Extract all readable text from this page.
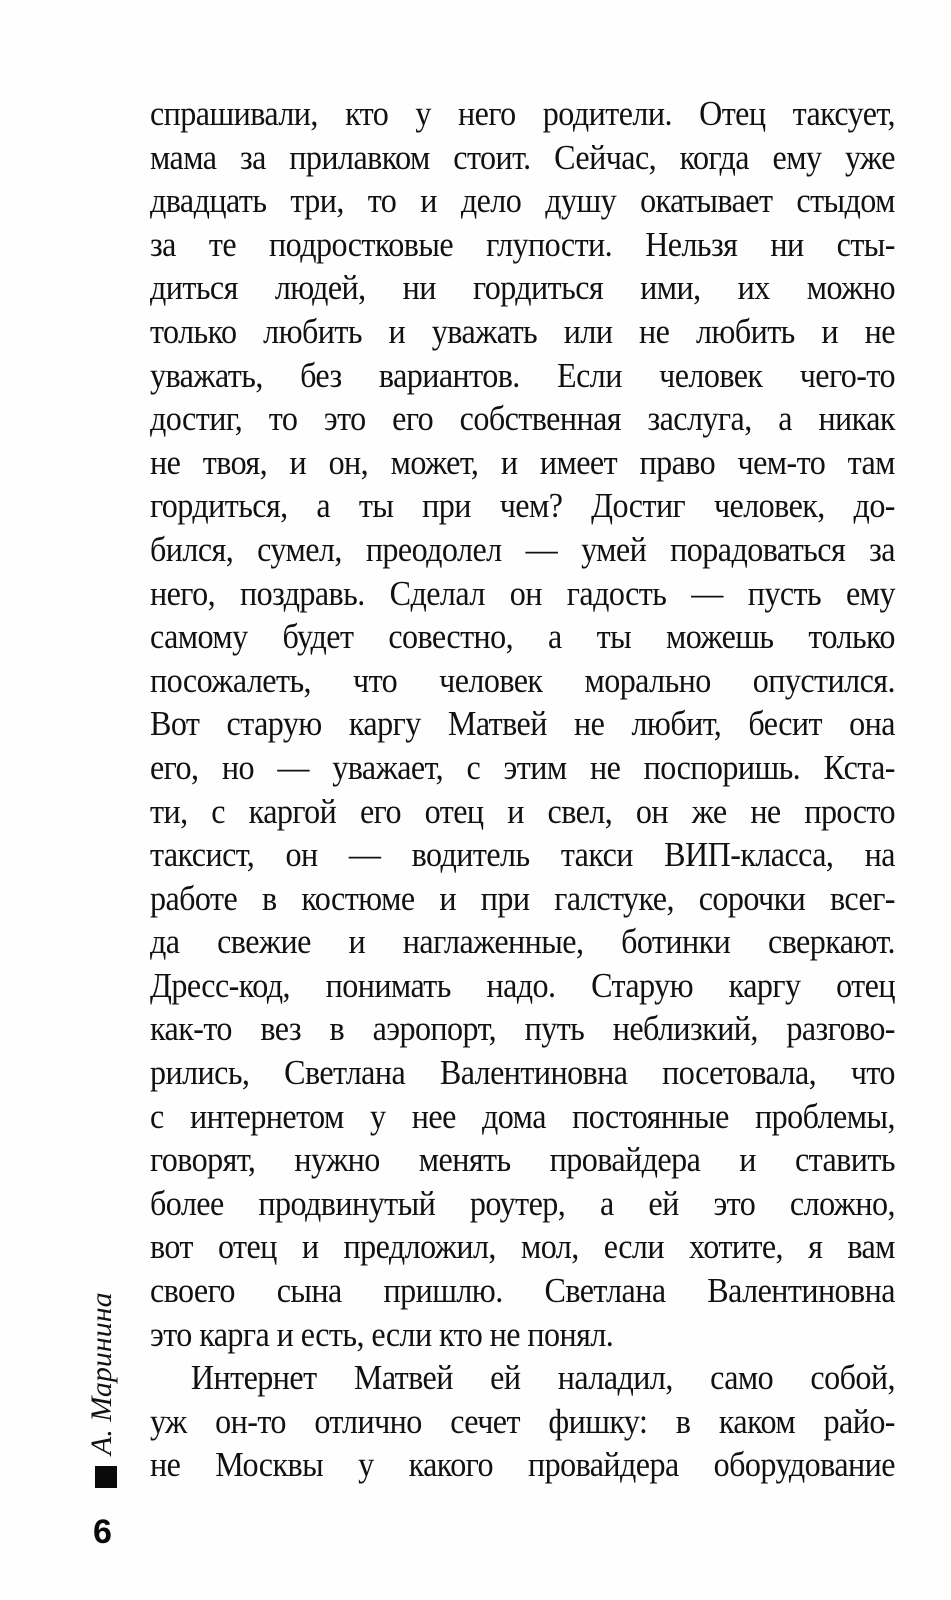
спрашивали, кто у него родители. Отец таксует,
мама за прилавком стоит. Сейчас, когда ему уже
двадцать три, то и дело душу окатывает стыдом
за те подростковые глупости. Нельзя ни сты-
диться людей, ни гордиться ими, их можно
только любить и уважать или не любить и не
уважать, без вариантов. Если человек чего-то
достиг, то это его собственная заслуга, а никак
не твоя, и он, может, и имеет право чем-то там
гордиться, а ты при чем? Достиг человек, до-
бился, сумел, преодолел — умей порадоваться за
него, поздравь. Сделал он гадость — пусть ему
самому будет совестно, а ты можешь только
посожалеть, что человек морально опустился.
Вот старую каргу Матвей не любит, бесит она
его, но — уважает, с этим не поспоришь. Кста-
ти, с каргой его отец и свел, он же не просто
таксист, он — водитель такси ВИП-класса, на
работе в костюме и при галстуке, сорочки всег-
да свежие и наглаженные, ботинки сверкают.
Дресс-код, понимать надо. Старую каргу отец
как-то вез в аэропорт, путь неблизкий, разгово-
рились, Светлана Валентиновна посетовала, что
с интернетом у нее дома постоянные проблемы,
говорят, нужно менять провайдера и ставить
более продвинутый роутер, а ей это сложно,
вот отец и предложил, мол, если хотите, я вам
своего сына пришлю. Светлана Валентиновна
это карга и есть, если кто не понял.
Интернет Матвей ей наладил, само собой,
уж он-то отлично сечет фишку: в каком райо-
не Москвы у какого провайдера оборудование
А. Маринина
6
